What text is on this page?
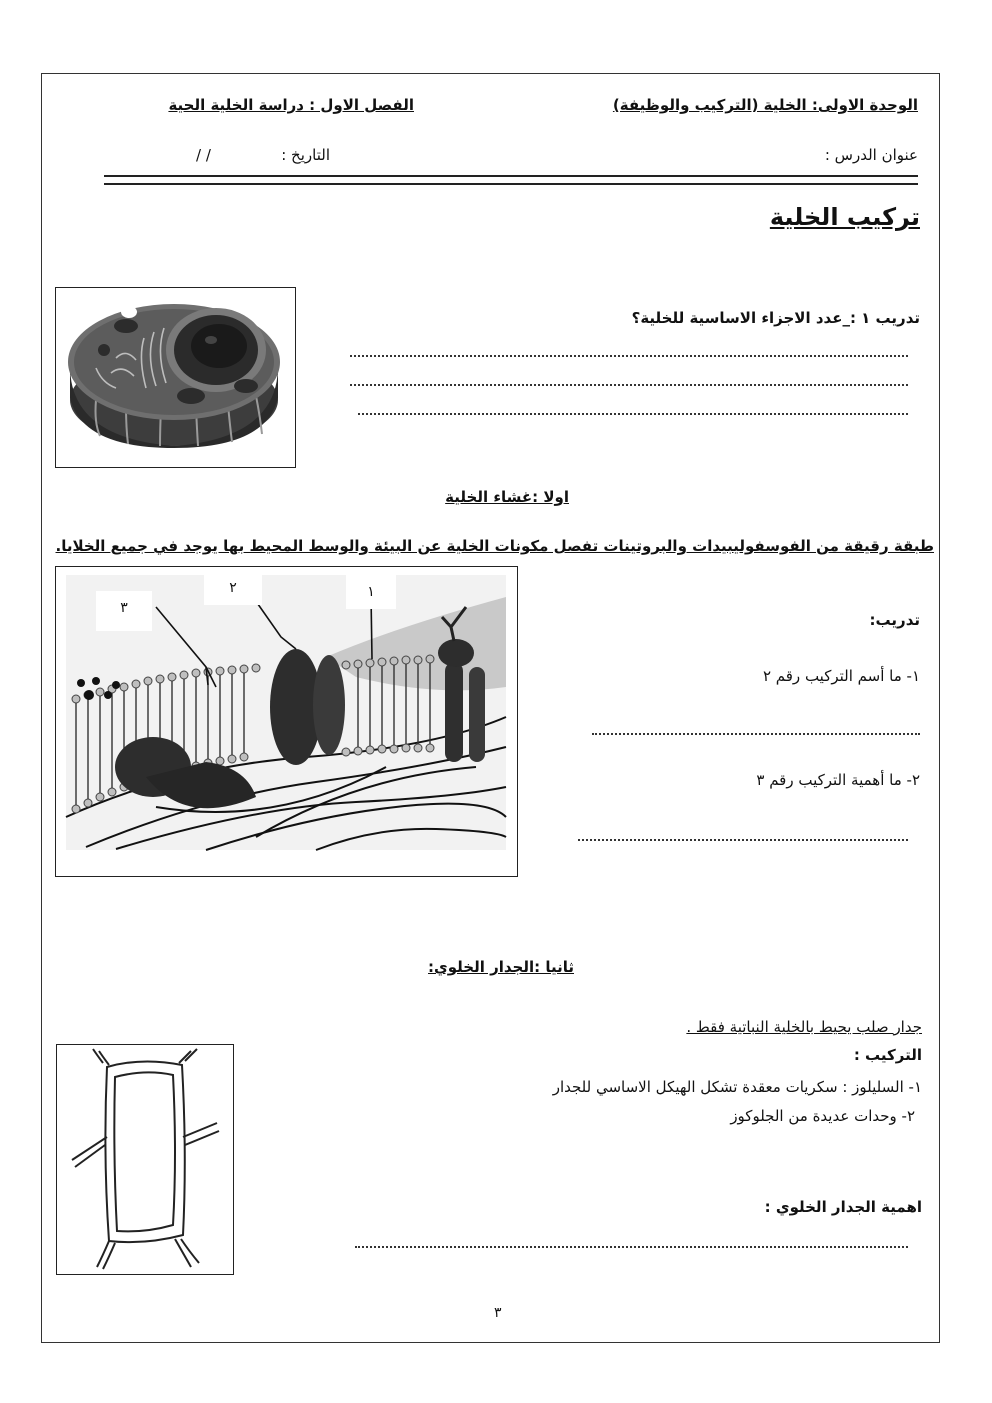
الوحدة الاولى: الخلية (التركيب والوظيفة)
الفصل الاول : دراسة الخلية الحية
عنوان الدرس :
التاريخ :
/ /
تركيب الخلية
تدريب ١ :_عدد الاجزاء الاساسية للخلية؟
اولا :غشاء الخلية
طبقة رقيقة من الفوسفوليبيدات والبروتينات تفصل مكونات الخلية عن البيئة والوسط المحيط بها يوجد في جميع الخلايا.
١
٢
٣
تدريب:
١- ما أسم التركيب رقم ٢
٢- ما أهمية التركيب رقم ٣
ثانيا :الجدار الخلوي:
جدار صلب يحيط بالخلية النباتية فقط .
التركيب :
١- السليلوز : سكريات معقدة تشكل الهيكل الاساسي للجدار
٢- وحدات عديدة من الجلوكوز
اهمية الجدار الخلوي :
٣
